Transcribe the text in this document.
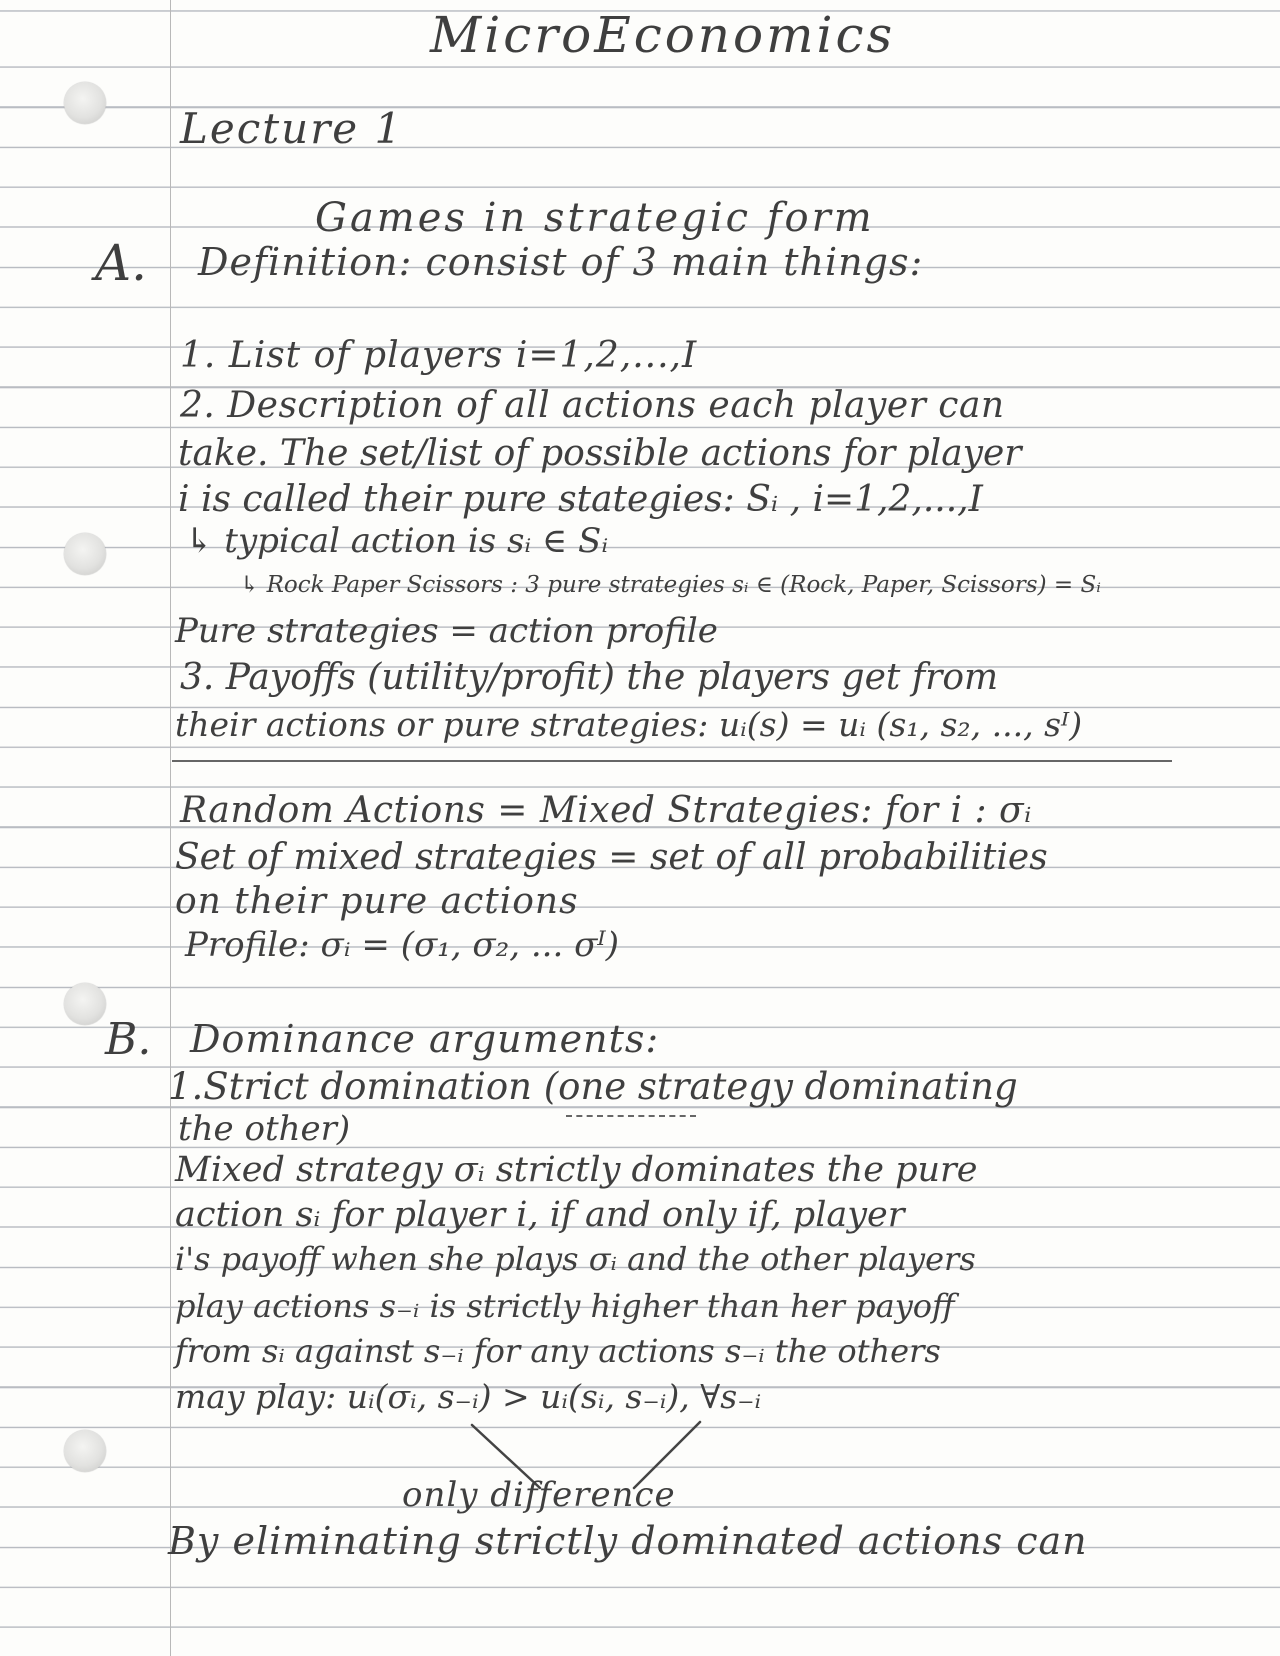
MicroEconomics
Lecture 1
Games in strategic form
A. Definition: consist of 3 main things:
1. List of players i=1,2,...,I
2. Description of all actions each player can
take. The set/list of possible actions for player
i is called their pure stategies: Sᵢ , i=1,2,...,I
↳ typical action is sᵢ ∈ Sᵢ
↳ Rock Paper Scissors : 3 pure strategies sᵢ ∈ (Rock, Paper, Scissors) = Sᵢ
Pure strategies = action profile
3. Payoffs (utility/profit) the players get from
their actions or pure strategies: uᵢ(s) = uᵢ (s₁, s₂, ..., sᴵ)
Random Actions = Mixed Strategies: for i : σᵢ
Set of mixed strategies = set of all probabilities
on their pure actions
Profile: σᵢ = (σ₁, σ₂, ... σᴵ)
B. Dominance arguments:
1.Strict domination (one strategy dominating
the other)
Mixed strategy σᵢ strictly dominates the pure
action sᵢ for player i, if and only if, player
i's payoff when she plays σᵢ and the other players
play actions s₋ᵢ is strictly higher than her payoff
from sᵢ against s₋ᵢ for any actions s₋ᵢ the others
may play: uᵢ(σᵢ, s₋ᵢ) > uᵢ(sᵢ, s₋ᵢ), ∀s₋ᵢ
only difference
By eliminating strictly dominated actions can
